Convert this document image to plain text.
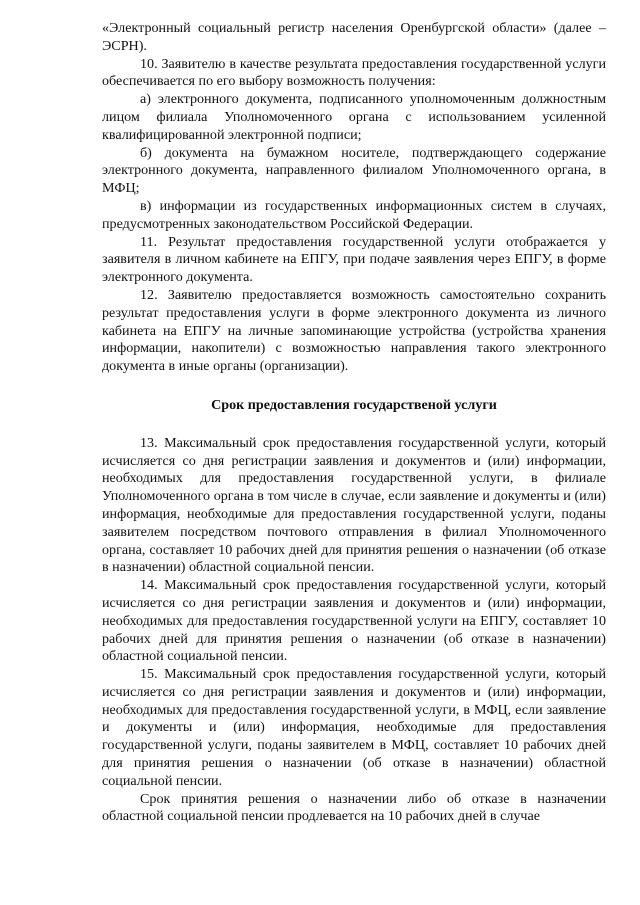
«Электронный социальный регистр населения Оренбургской области» (далее – ЭСРН).

10. Заявителю в качестве результата предоставления государственной услуги обеспечивается по его выбору возможность получения:

а) электронного документа, подписанного уполномоченным должностным лицом филиала Уполномоченного органа с использованием усиленной квалифицированной электронной подписи;

б) документа на бумажном носителе, подтверждающего содержание электронного документа, направленного филиалом Уполномоченного органа, в МФЦ;

в) информации из государственных информационных систем в случаях, предусмотренных законодательством Российской Федерации.

11. Результат предоставления государственной услуги отображается у заявителя в личном кабинете на ЕПГУ, при подаче заявления через ЕПГУ, в форме электронного документа.

12. Заявителю предоставляется возможность самостоятельно сохранить результат предоставления услуги в форме электронного документа из личного кабинета на ЕПГУ на личные запоминающие устройства (устройства хранения информации, накопители) с возможностью направления такого электронного документа в иные органы (организации).

Срок предоставления государственой услуги

13. Максимальный срок предоставления государственной услуги, который исчисляется со дня регистрации заявления и документов и (или) информации, необходимых для предоставления государственной услуги, в филиале Уполномоченного органа в том числе в случае, если заявление и документы и (или) информация, необходимые для предоставления государственной услуги, поданы заявителем посредством почтового отправления в филиал Уполномоченного органа, составляет 10 рабочих дней для принятия решения о назначении (об отказе в назначении) областной социальной пенсии.

14. Максимальный срок предоставления государственной услуги, который исчисляется со дня регистрации заявления и документов и (или) информации, необходимых для предоставления государственной услуги на ЕПГУ, составляет 10 рабочих дней для принятия решения о назначении (об отказе в назначении) областной социальной пенсии.

15. Максимальный срок предоставления государственной услуги, который исчисляется со дня регистрации заявления и документов и (или) информации, необходимых для предоставления государственной услуги, в МФЦ, если заявление и документы и (или) информация, необходимые для предоставления государственной услуги, поданы заявителем в МФЦ, составляет 10 рабочих дней для принятия решения о назначении (об отказе в назначении) областной социальной пенсии.

Срок принятия решения о назначении либо об отказе в назначении областной социальной пенсии продлевается на 10 рабочих дней в случае
